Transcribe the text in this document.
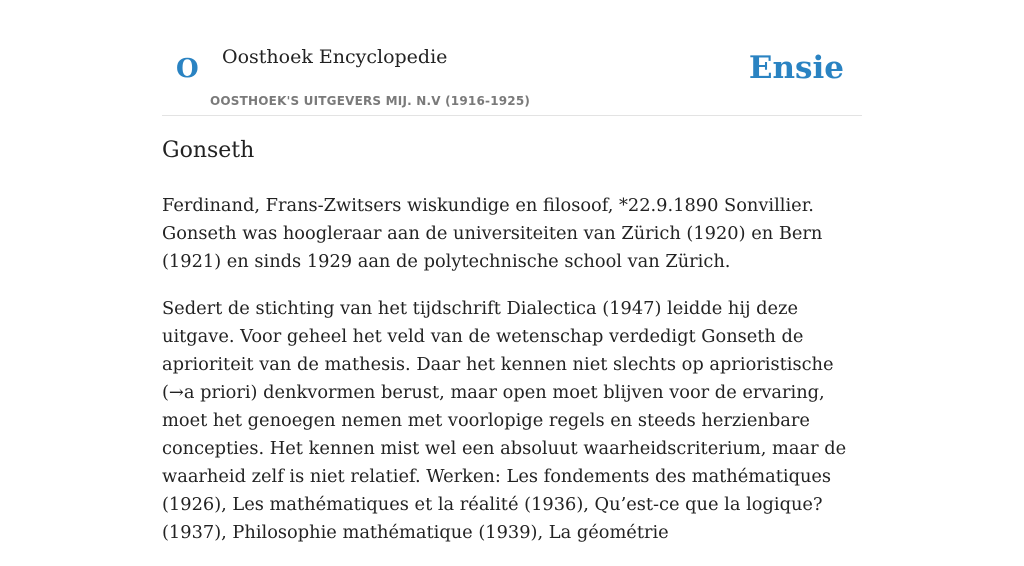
O Oosthoek Encyclopedie
OOSTHOEK'S UITGEVERS MIJ. N.V (1916-1925)
Ensie
Gonseth

Ferdinand, Frans-Zwitsers wiskundige en filosoof, *22.9.1890 Sonvillier. Gonseth was hoogleraar aan de universiteiten van Zürich (1920) en Bern (1921) en sinds 1929 aan de polytechnische school van Zürich.

Sedert de stichting van het tijdschrift Dialectica (1947) leidde hij deze uitgave. Voor geheel het veld van de wetenschap verdedigt Gonseth de aprioriteit van de mathesis. Daar het kennen niet slechts op aprioristische (→a priori) denkvormen berust, maar open moet blijven voor de ervaring, moet het genoegen nemen met voorlopige regels en steeds herzienbare concepties. Het kennen mist wel een absoluut waarheidscriterium, maar de waarheid zelf is niet relatief. Werken: Les fondements des mathématiques (1926), Les mathématiques et la réalité (1936), Qu’est-ce que la logique? (1937), Philosophie mathématique (1939), La géométrie
